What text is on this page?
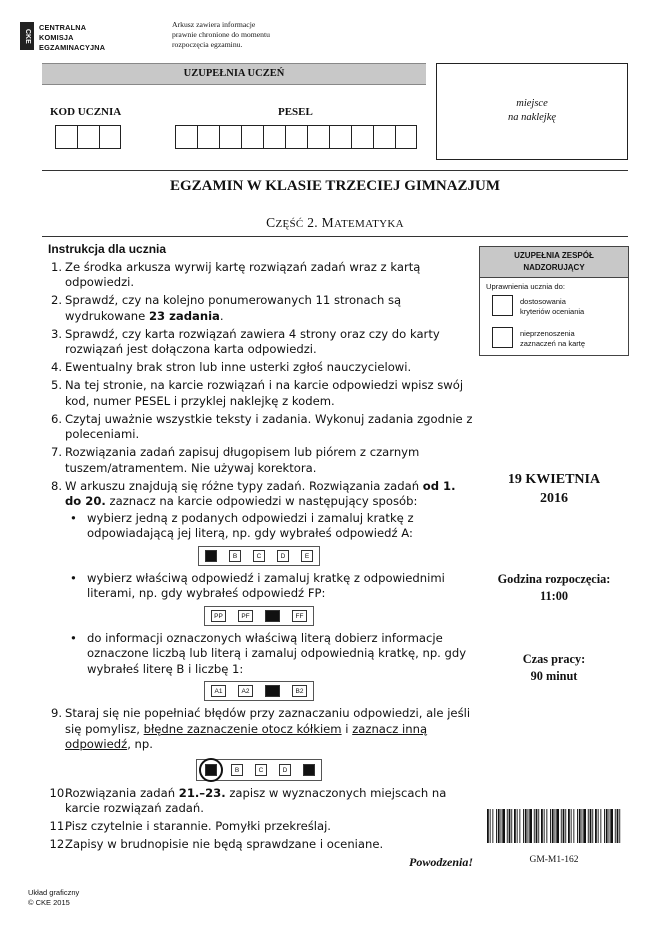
CKE
CENTRALNA
KOMISJA
EGZAMINACYJNA
Arkusz zawiera informacje
prawnie chronione do momentu
rozpoczęcia egzaminu.
UZUPEŁNIA UCZEŃ
KOD UCZNIA	PESEL
miejsce
na naklejkę
EGZAMIN W KLASIE TRZECIEJ GIMNAZJUM
CZĘŚĆ 2. MATEMATYKA
UZUPEŁNIA ZESPÓŁ
NADZORUJĄCY
Uprawnienia ucznia do:
dostosowania
kryteriów oceniania
nieprzenoszenia
zaznaczeń na kartę
19 KWIETNIA
2016
Godzina rozpoczęcia:
11:00
Czas pracy:
90 minut
GM-M1-162
Instrukcja dla ucznia
1. Ze środka arkusza wyrwij kartę rozwiązań zadań wraz z kartą odpowiedzi.
2. Sprawdź, czy na kolejno ponumerowanych 11 stronach są wydrukowane 23 zadania.
3. Sprawdź, czy karta rozwiązań zawiera 4 strony oraz czy do karty rozwiązań jest dołączona karta odpowiedzi.
4. Ewentualny brak stron lub inne usterki zgłoś nauczycielowi.
5. Na tej stronie, na karcie rozwiązań i na karcie odpowiedzi wpisz swój kod, numer PESEL i przyklej naklejkę z kodem.
6. Czytaj uważnie wszystkie teksty i zadania. Wykonuj zadania zgodnie z poleceniami.
7. Rozwiązania zadań zapisuj długopisem lub piórem z czarnym tuszem/atramentem. Nie używaj korektora.
8. W arkuszu znajdują się różne typy zadań. Rozwiązania zadań od 1. do 20. zaznacz na karcie odpowiedzi w następujący sposób:
• wybierz jedną z podanych odpowiedzi i zamaluj kratkę z odpowiadającą jej literą, np. gdy wybrałeś odpowiedź A:
B	C	D	E
• wybierz właściwą odpowiedź i zamaluj kratkę z odpowiednimi literami, np. gdy wybrałeś odpowiedź FP:
PP	PF	FF
• do informacji oznaczonych właściwą literą dobierz informacje oznaczone liczbą lub literą i zamaluj odpowiednią kratkę, np. gdy wybrałeś literę B i liczbę 1:
A1	A2	B2
9. Staraj się nie popełniać błędów przy zaznaczaniu odpowiedzi, ale jeśli się pomylisz, błędne zaznaczenie otocz kółkiem i zaznacz inną odpowiedź, np.
B	C	D
10.
Rozwiązania zadań 21.–23. zapisz w wyznaczonych miejscach na karcie rozwiązań zadań.
11.
Pisz czytelnie i starannie. Pomyłki przekreślaj.
12.
Zapisy w brudnopisie nie będą sprawdzane i oceniane.
Powodzenia!
Układ graficzny
© CKE 2015
